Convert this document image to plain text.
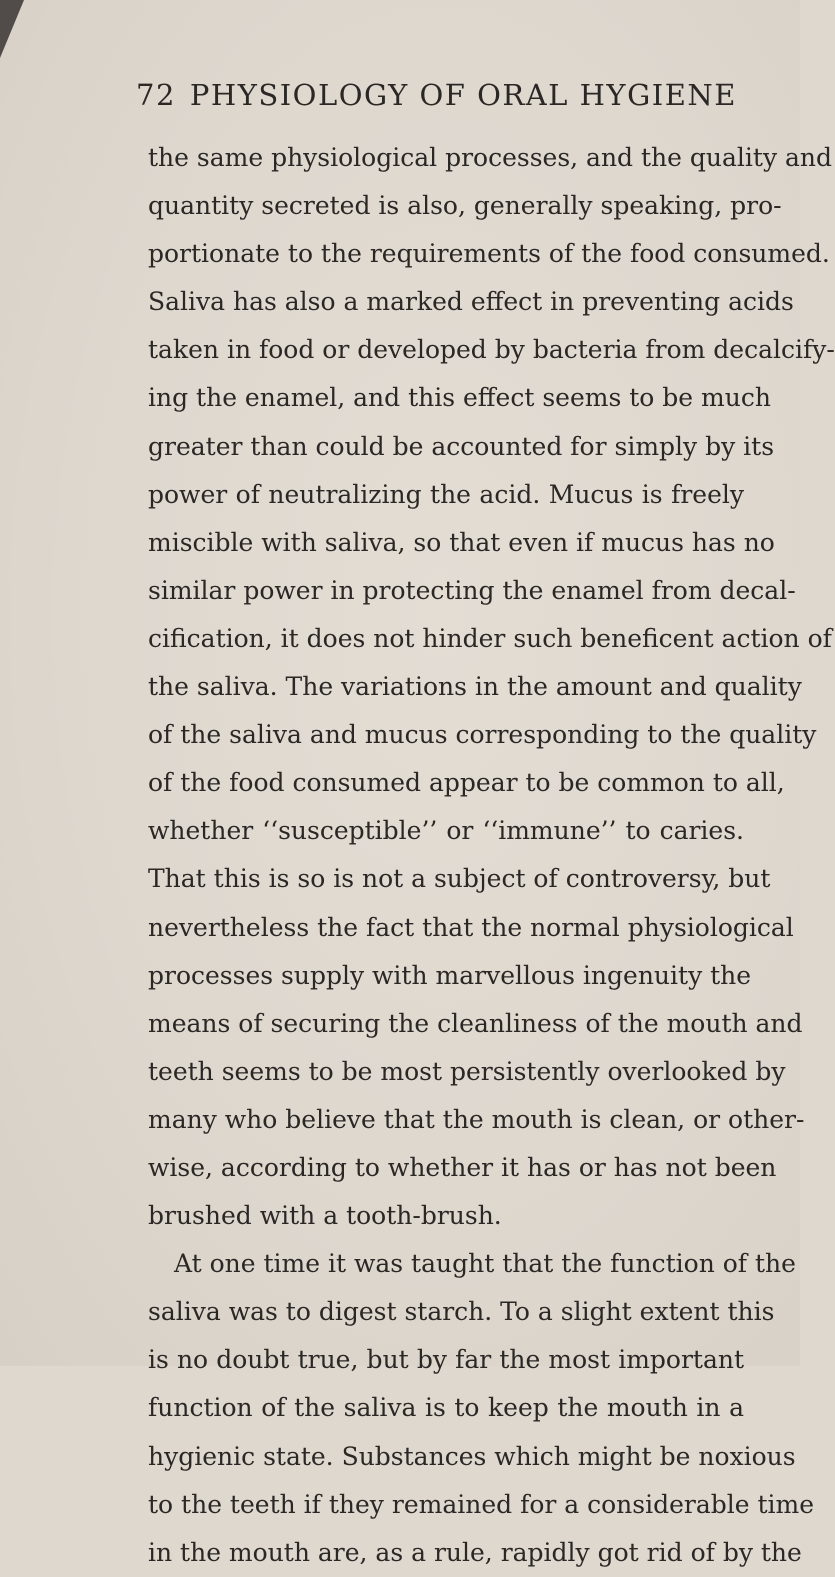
72 PHYSIOLOGY OF ORAL HYGIENE
the same physiological processes, and the quality and
quantity secreted is also, generally speaking, pro-
portionate to the requirements of the food consumed.
Saliva has also a marked effect in preventing acids
taken in food or developed by bacteria from decalcify-
ing the enamel, and this effect seems to be much
greater than could be accounted for simply by its
power of neutralizing the acid. Mucus is freely
miscible with saliva, so that even if mucus has no
similar power in protecting the enamel from decal-
cification, it does not hinder such beneficent action of
the saliva. The variations in the amount and quality
of the saliva and mucus corresponding to the quality
of the food consumed appear to be common to all,
whether ‘‘susceptible’’ or ‘‘immune’’ to caries.
That this is so is not a subject of controversy, but
nevertheless the fact that the normal physiological
processes supply with marvellous ingenuity the
means of securing the cleanliness of the mouth and
teeth seems to be most persistently overlooked by
many who believe that the mouth is clean, or other-
wise, according to whether it has or has not been
brushed with a tooth-brush.
At one time it was taught that the function of the
saliva was to digest starch. To a slight extent this
is no doubt true, but by far the most important
function of the saliva is to keep the mouth in a
hygienic state. Substances which might be noxious
to the teeth if they remained for a considerable time
in the mouth are, as a rule, rapidly got rid of by the
